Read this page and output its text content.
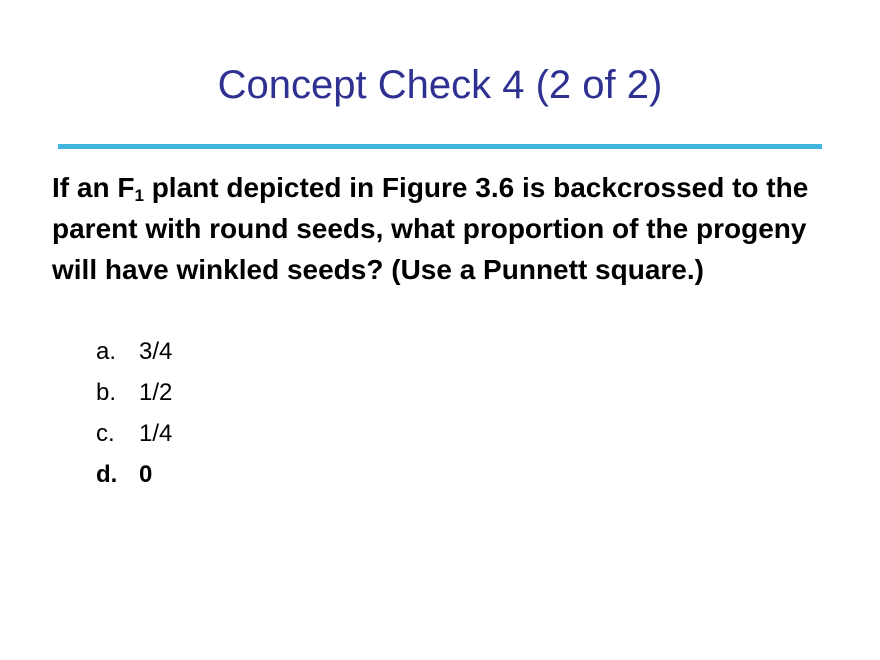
Concept Check 4 (2 of 2)
If an $F_1$ plant depicted in Figure 3.6 is backcrossed to the parent with round seeds, what proportion of the progeny will have winkled seeds? (Use a Punnett square.)
a. 3/4
b. 1/2
c.	1/4
d. 0
